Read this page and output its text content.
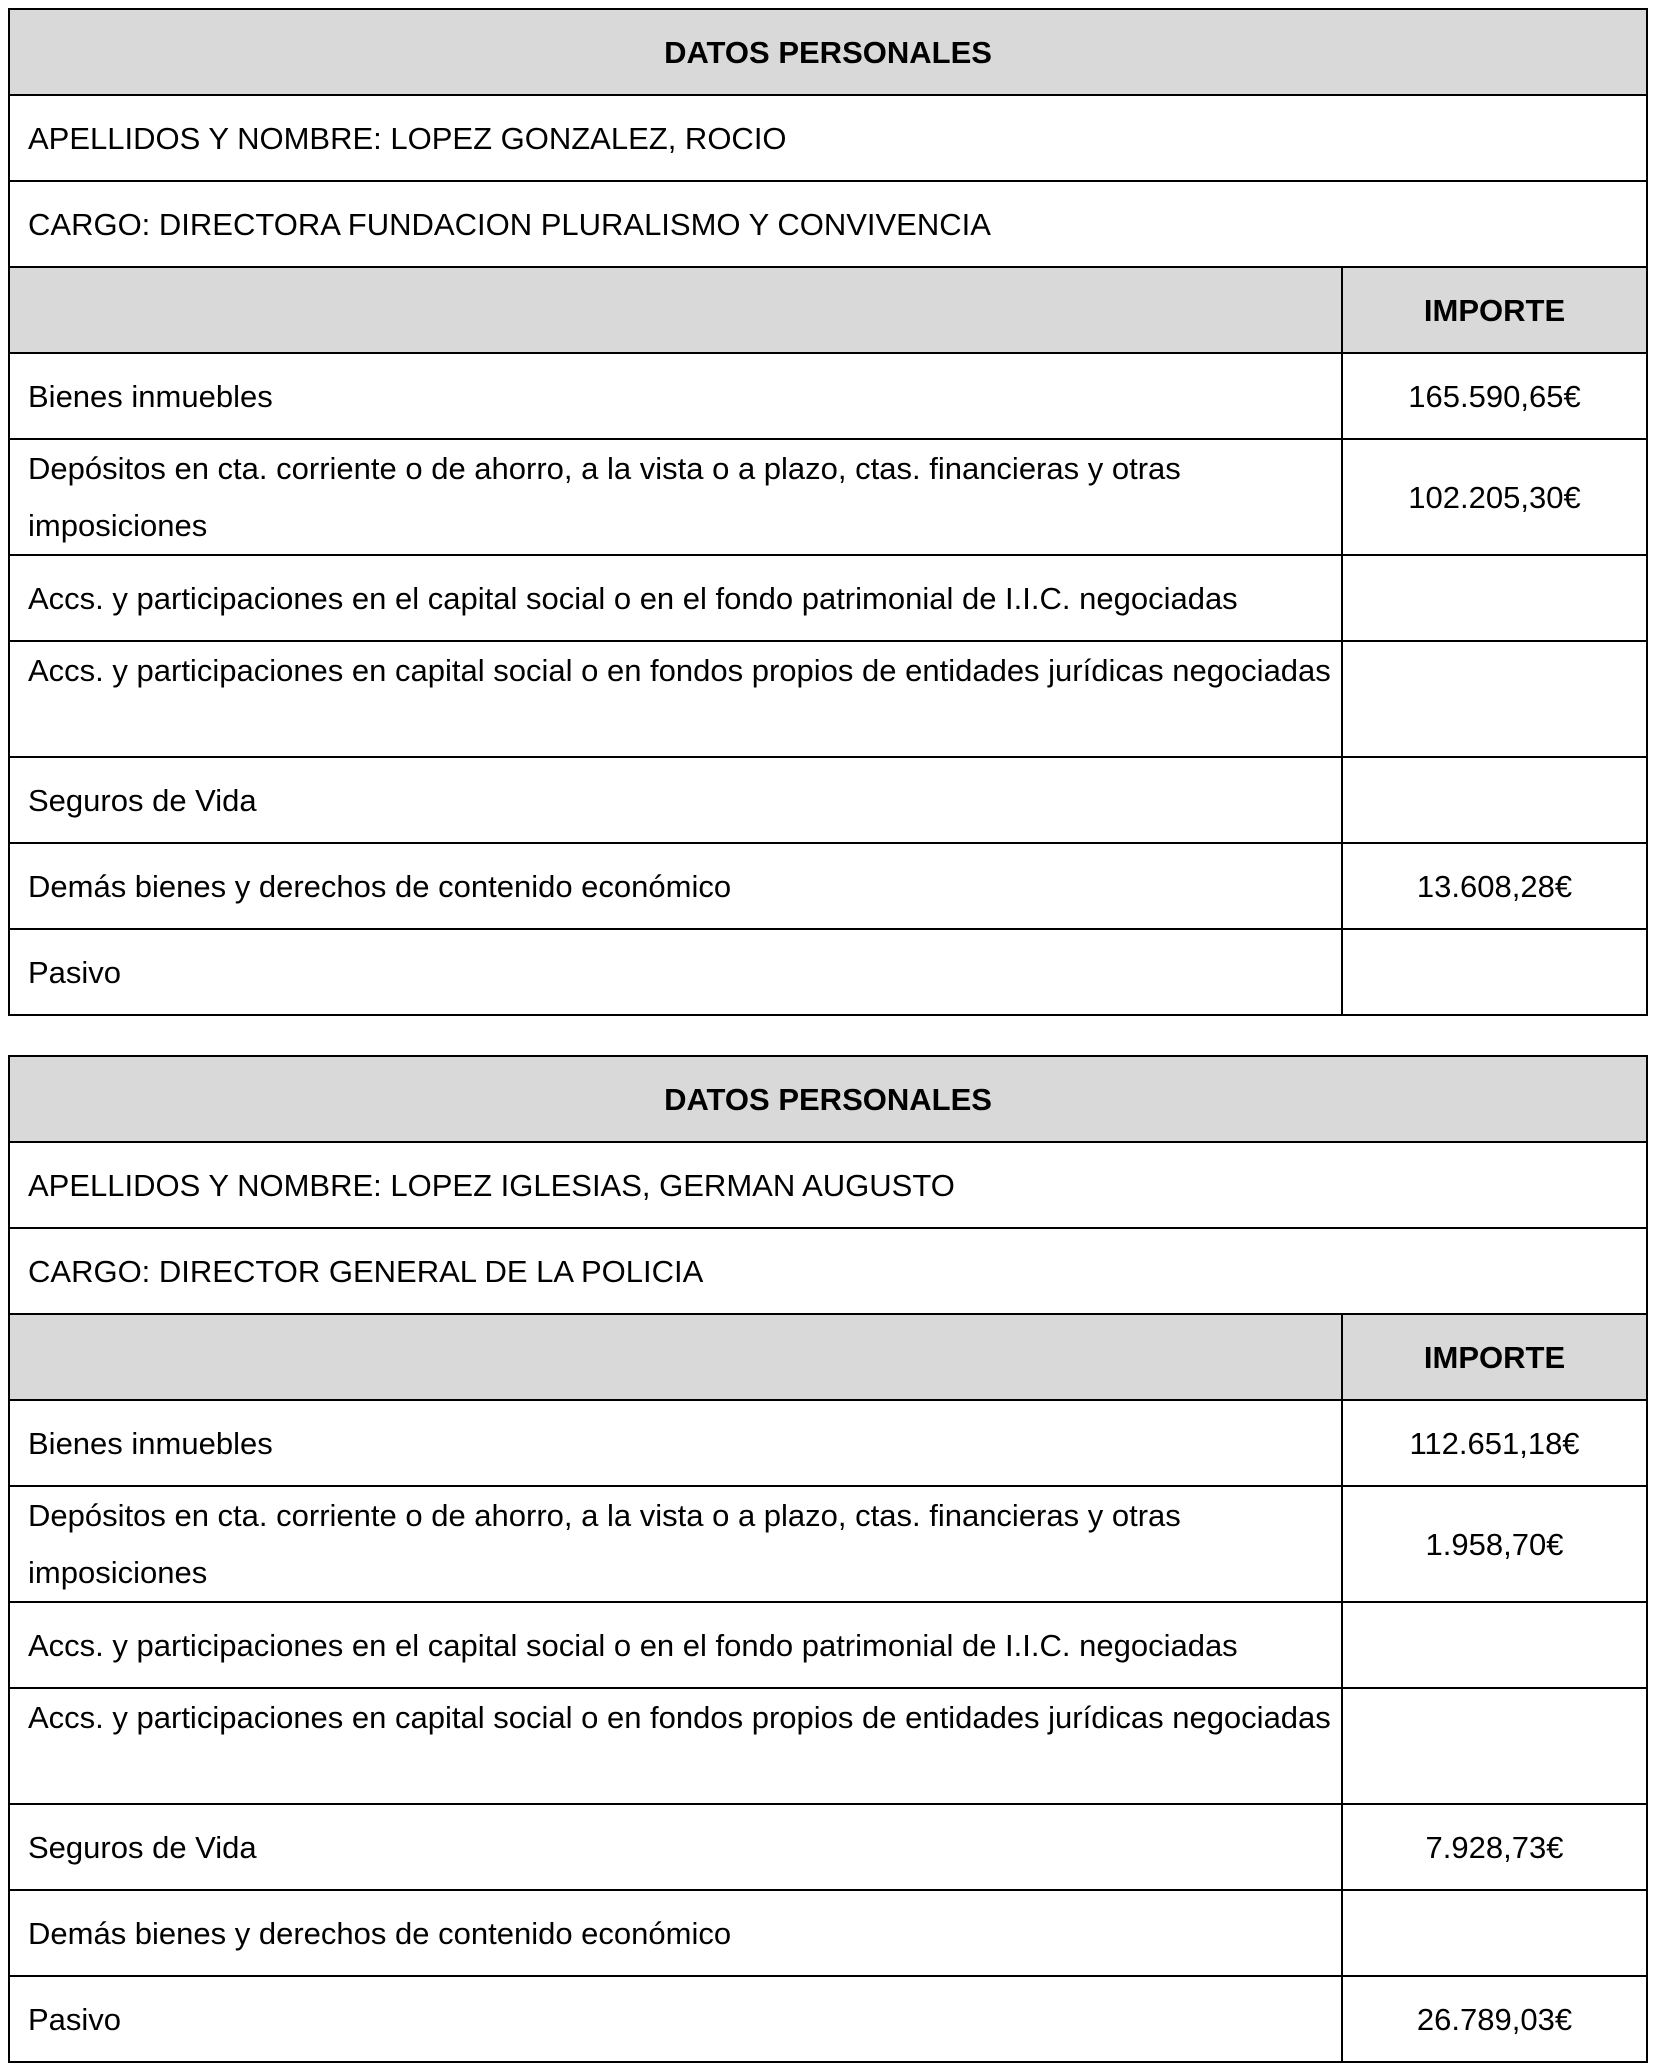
DATOS PERSONALES	
APELLIDOS Y NOMBRE: LOPEZ GONZALEZ, ROCIO	
CARGO: DIRECTORA FUNDACION PLURALISMO Y CONVIVENCIA	
	IMPORTE
Bienes inmuebles	165.590,65€
Depósitos en cta. corriente o de ahorro, a la vista o a plazo, ctas. financieras y otras imposiciones	102.205,30€
Accs. y participaciones en el capital social o en el fondo patrimonial de I.I.C. negociadas	
Accs. y participaciones en capital social o en fondos propios de entidades jurídicas negociadas	
Seguros de Vida	
Demás bienes y derechos de contenido económico	13.608,28€
Pasivo	
DATOS PERSONALES	
APELLIDOS Y NOMBRE: LOPEZ IGLESIAS, GERMAN AUGUSTO	
CARGO: DIRECTOR GENERAL DE LA POLICIA	
	IMPORTE
Bienes inmuebles	112.651,18€
Depósitos en cta. corriente o de ahorro, a la vista o a plazo, ctas. financieras y otras imposiciones	1.958,70€
Accs. y participaciones en el capital social o en el fondo patrimonial de I.I.C. negociadas	
Accs. y participaciones en capital social o en fondos propios de entidades jurídicas negociadas	
Seguros de Vida	7.928,73€
Demás bienes y derechos de contenido económico	
Pasivo	26.789,03€
